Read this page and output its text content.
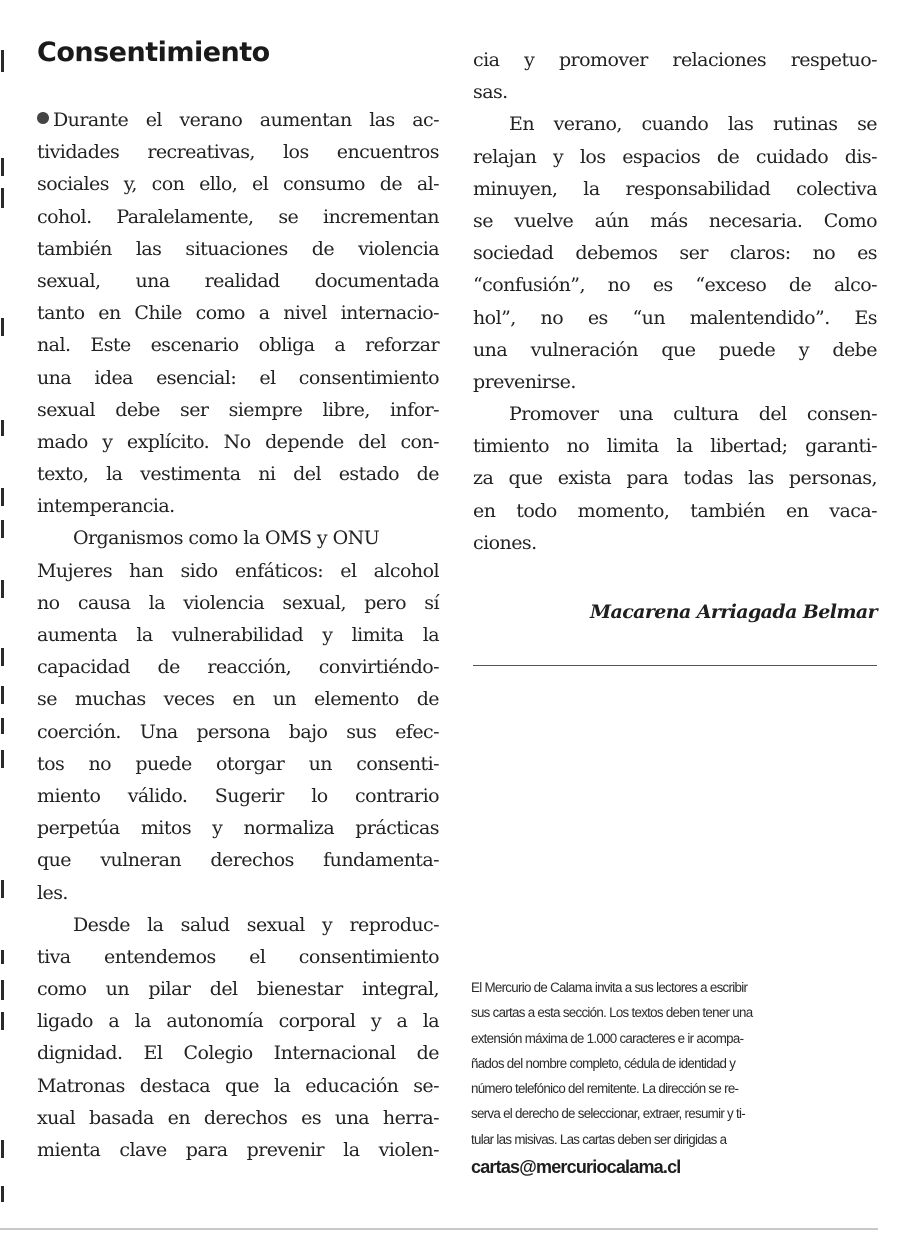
Consentimiento
Durante el verano aumentan las ac-
tividades recreativas, los encuentros
sociales y, con ello, el consumo de al-
cohol. Paralelamente, se incrementan
también las situaciones de violencia
sexual, una realidad documentada
tanto en Chile como a nivel internacio-
nal. Este escenario obliga a reforzar
una idea esencial: el consentimiento
sexual debe ser siempre libre, infor-
mado y explícito. No depende del con-
texto, la vestimenta ni del estado de
intemperancia.
Organismos como la OMS y ONU
Mujeres han sido enfáticos: el alcohol
no causa la violencia sexual, pero sí
aumenta la vulnerabilidad y limita la
capacidad de reacción, convirtiéndo-
se muchas veces en un elemento de
coerción. Una persona bajo sus efec-
tos no puede otorgar un consenti-
miento válido. Sugerir lo contrario
perpetúa mitos y normaliza prácticas
que vulneran derechos fundamenta-
les.
Desde la salud sexual y reproduc-
tiva entendemos el consentimiento
como un pilar del bienestar integral,
ligado a la autonomía corporal y a la
dignidad. El Colegio Internacional de
Matronas destaca que la educación se-
xual basada en derechos es una herra-
mienta clave para prevenir la violen-
cia y promover relaciones respetuo-
sas.
En verano, cuando las rutinas se
relajan y los espacios de cuidado dis-
minuyen, la responsabilidad colectiva
se vuelve aún más necesaria. Como
sociedad debemos ser claros: no es
“confusión”, no es “exceso de alco-
hol”, no es “un malentendido”. Es
una vulneración que puede y debe
prevenirse.
Promover una cultura del consen-
timiento no limita la libertad; garanti-
za que exista para todas las personas,
en todo momento, también en vaca-
ciones.
Macarena Arriagada Belmar
El Mercurio de Calama invita a sus lectores a escribir
sus cartas a esta sección. Los textos deben tener una
extensión máxima de 1.000 caracteres e ir acompa-
ñados del nombre completo, cédula de identidad y
número telefónico del remitente. La dirección se re-
serva el derecho de seleccionar, extraer, resumir y ti-
tular las misivas. Las cartas deben ser dirigidas a
cartas@mercuriocalama.cl
